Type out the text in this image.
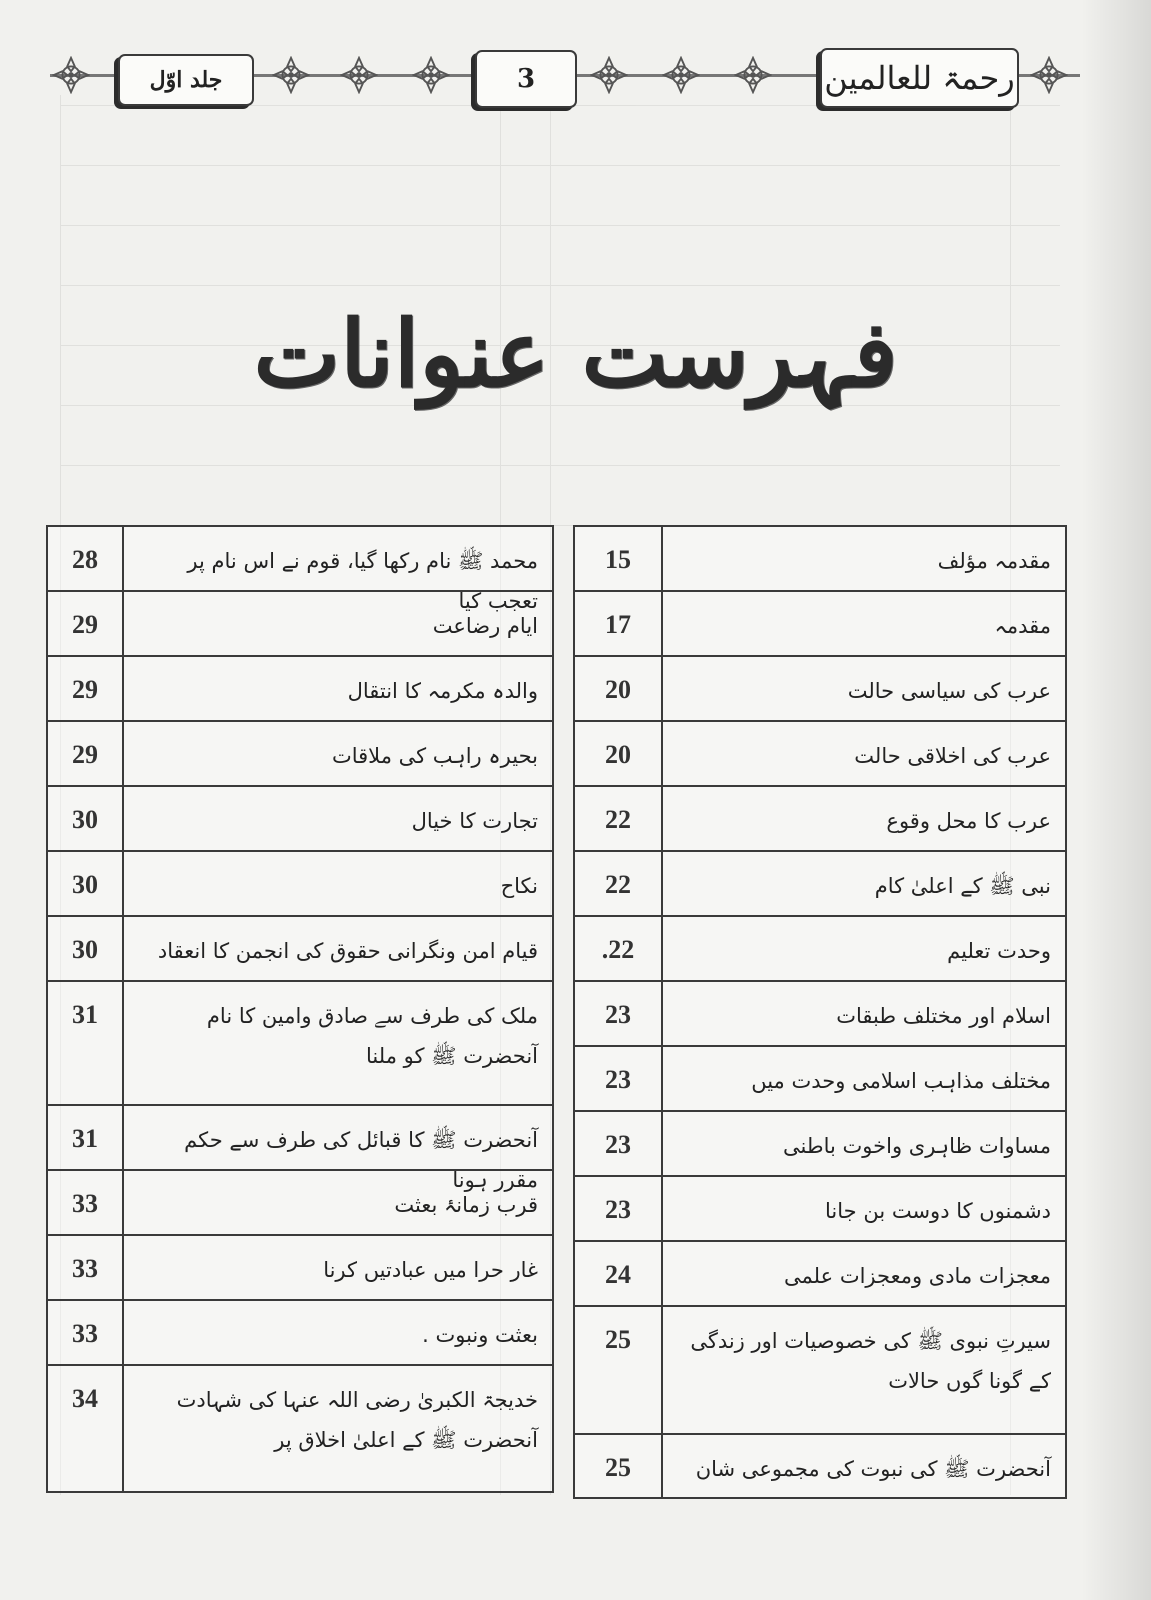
جلد اوّل	3	رحمۃ للعالمین
فہرست عنوانات
مقدمہ مؤلف
15
مقدمہ
17
عرب کی سیاسی حالت
20
عرب کی اخلاقی حالت
20
عرب کا محل وقوع
22
نبی ﷺ کے اعلیٰ کام
22
وحدت تعلیم
.22
اسلام اور مختلف طبقات
23
مختلف مذاہب اسلامی وحدت میں
23
مساوات ظاہری واخوت باطنی
23
دشمنوں کا دوست بن جانا
23
معجزات مادی ومعجزات علمی
24
سیرتِ نبوی ﷺ کی خصوصیات اور زندگی کے گونا گوں حالات
25
آنحضرت ﷺ کی نبوت کی مجموعی شان
25
محمد ﷺ نام رکھا گیا، قوم نے اس نام پر تعجب کیا
28
ایام رضاعت
29
والدہ مکرمہ کا انتقال
29
بحیرہ راہب کی ملاقات
29
تجارت کا خیال
30
نکاح
30
قیام امن ونگرانی حقوق کی انجمن کا انعقاد
30
ملک کی طرف سے صادق وامین کا نام آنحضرت ﷺ کو ملنا
31
آنحضرت ﷺ کا قبائل کی طرف سے حکم مقرر ہونا
31
قرب زمانۂ بعثت
33
غار حرا میں عبادتیں کرنا
33
بعثت ونبوت .
33
خدیجۃ الکبریٰ رضی اللہ عنہا کی شہادت آنحضرت ﷺ کے اعلیٰ اخلاق پر
34
